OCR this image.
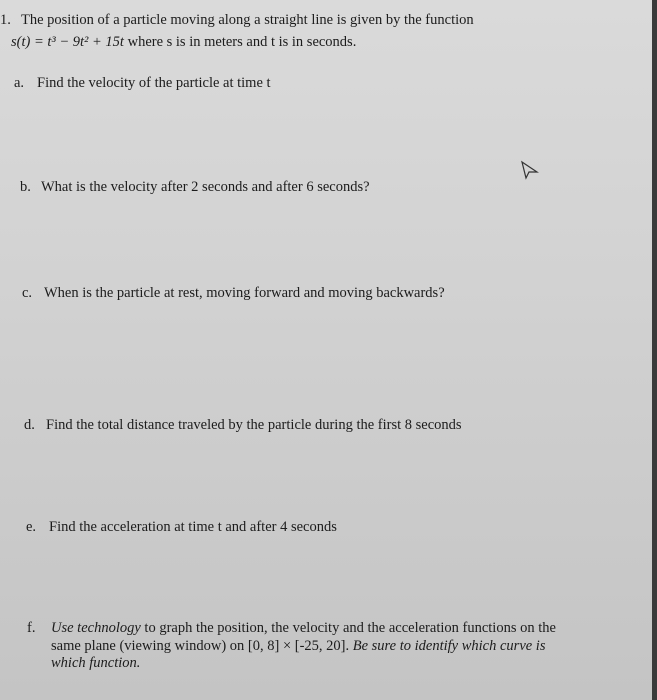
1. The position of a particle moving along a straight line is given by the function
s(t) = t³ − 9t² + 15t where s is in meters and t is in seconds.
a. Find the velocity of the particle at time t
b. What is the velocity after 2 seconds and after 6 seconds?
c. When is the particle at rest, moving forward and moving backwards?
d. Find the total distance traveled by the particle during the first 8 seconds
e. Find the acceleration at time t and after 4 seconds
f. Use technology to graph the position, the velocity and the acceleration functions on the
same plane (viewing window) on [0, 8] × [-25, 20]. Be sure to identify which curve is
which function.
